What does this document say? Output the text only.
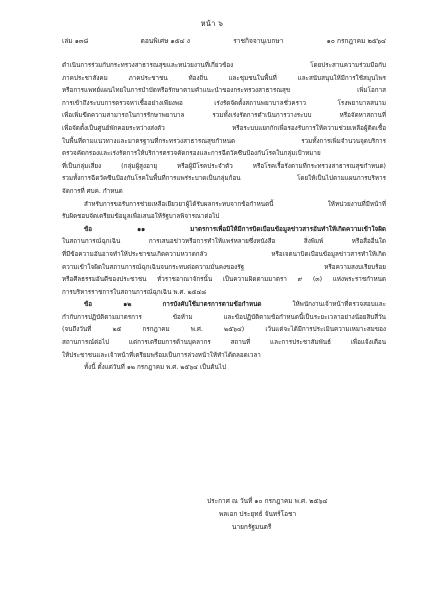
หน้า ๖
เล่ม ๑๓๘	ตอนพิเศษ ๑๕๔ ง	ราชกิจจานุเบกษา	๑๐ กรกฎาคม ๒๕๖๔
ดำเนินการร่วมกับกระทรวงสาธารณสุขและหน่วยงานที่เกี่ยวข้อง โดยประสานความร่วมมือกับ
ภาคประชาสังคม ภาคประชาชน ท้องถิ่น และชุมชนในพื้นที่ และสนับสนุนให้มีการใช้สมุนไพร
หรือการแพทย์แผนไทยในการบำบัดหรือรักษาตามคำแนะนำของกระทรวงสาธารณสุข เพิ่มโอกาส
การเข้าถึงระบบการตรวจหาเชื้ออย่างเพียงพอ เร่งรัดจัดตั้งสถานพยาบาลชั่วคราว โรงพยาบาลสนาม
เพื่อเพิ่มขีดความสามารถในการรักษาพยาบาล รวมทั้งเร่งรัดการดำเนินการวางระบบ หรือจัดหาสถานที่
เพื่อจัดตั้งเป็นศูนย์พักคอยระหว่างส่งตัว หรือระบบแยกกักเพื่อรองรับการให้ความช่วยเหลือผู้ติดเชื้อ
ในพื้นที่ตามแนวทางและมาตรฐานที่กระทรวงสาธารณสุขกำหนด รวมทั้งการเพิ่มจำนวนจุดบริการ
ตรวจคัดกรองและเร่งรัดการให้บริการตรวจคัดกรองและการฉีดวัคซีนป้องกันโรคในกลุ่มเป้าหมาย
ที่เป็นกลุ่มเสี่ยง (กลุ่มผู้สูงอายุ หรือผู้มีโรคประจำตัว หรือโรคเรื้อรังตามที่กระทรวงสาธารณสุขกำหนด)
รวมทั้งการฉีดวัคซีนป้องกันโรคในพื้นที่การแพร่ระบาดเป็นกลุ่มก้อน โดยให้เป็นไปตามแผนการบริหาร
จัดการที่ ศบค. กำหนด
สำหรับการขอรับการช่วยเหลือเยียวยาผู้ได้รับผลกระทบจากข้อกำหนดนี้ ให้หน่วยงานที่มีหน้าที่
รับผิดชอบจัดเตรียมข้อมูลเพื่อเสนอให้รัฐบาลพิจารณาต่อไป
ข้อ ๑๑ มาตรการเพื่อมิให้มีการบิดเบือนข้อมูลข่าวสารอันทำให้เกิดความเข้าใจผิด
ในสถานการณ์ฉุกเฉิน การเสนอข่าวหรือการทำให้แพร่หลายซึ่งหนังสือ สิ่งพิมพ์ หรือสื่ออื่นใด
ที่มีข้อความอันอาจทำให้ประชาชนเกิดความหวาดกลัว หรือเจตนาบิดเบือนข้อมูลข่าวสารทำให้เกิด
ความเข้าใจผิดในสถานการณ์ฉุกเฉินจนกระทบต่อความมั่นคงของรัฐ หรือความสงบเรียบร้อย
หรือศีลธรรมอันดีของประชาชน ทั่วราชอาณาจักรนั้น เป็นความผิดตามมาตรา ๙ (๓) แห่งพระราชกำหนด
การบริหารราชการในสถานการณ์ฉุกเฉิน พ.ศ. ๒๕๔๘
ข้อ ๑๒ การบังคับใช้มาตรการตามข้อกำหนด ให้พนักงานเจ้าหน้าที่ตรวจสอบและ
กำกับการปฏิบัติตามมาตรการ ข้อห้าม และข้อปฏิบัติตามข้อกำหนดนี้เป็นระยะเวลาอย่างน้อยสิบสี่วัน
(จนถึงวันที่ ๒๕ กรกฎาคม พ.ศ. ๒๕๖๔) เว้นแต่จะได้มีการประเมินความเหมาะสมของ
สถานการณ์ต่อไป แต่การเตรียมการด้านบุคลากร สถานที่ และการประชาสัมพันธ์ เพื่อแจ้งเตือน
ให้ประชาชนและเจ้าหน้าที่เตรียมพร้อมเป็นการล่วงหน้าให้ทำได้ตลอดเวลา
ทั้งนี้ ตั้งแต่วันที่ ๑๒ กรกฎาคม พ.ศ. ๒๕๖๔ เป็นต้นไป
ประกาศ ณ วันที่ ๑๐ กรกฎาคม พ.ศ. ๒๕๖๔
พลเอก ประยุทธ์ จันทร์โอชา
นายกรัฐมนตรี
